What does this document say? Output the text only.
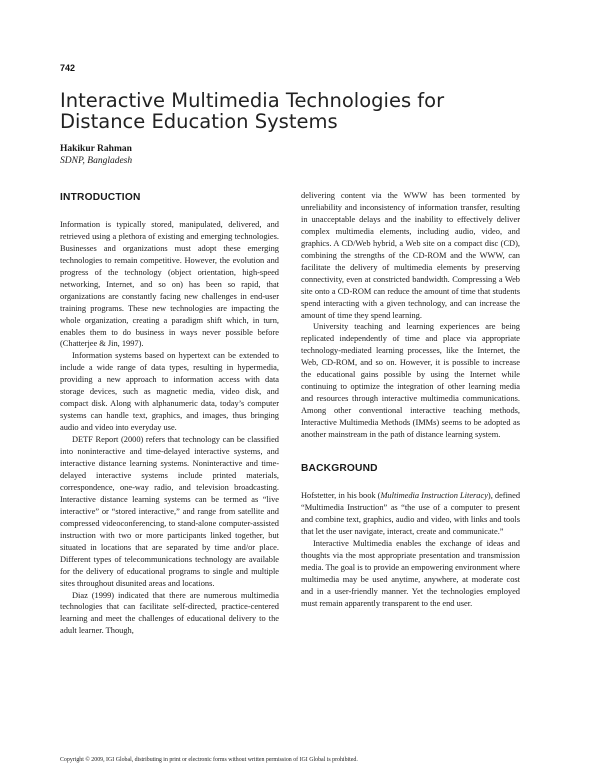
742
Interactive Multimedia Technologies for Distance Education Systems
Hakikur Rahman
SDNP, Bangladesh
INTRODUCTION

Information is typically stored, manipulated, delivered, and retrieved using a plethora of existing and emerging technologies. Businesses and organizations must adopt these emerging technologies to remain competitive. However, the evolution and progress of the technology (object orientation, high-speed networking, Internet, and so on) has been so rapid, that organizations are constantly facing new challenges in end-user training programs. These new technologies are impacting the whole organization, creating a paradigm shift which, in turn, enables them to do business in ways never possible before (Chatterjee & Jin, 1997).

Information systems based on hypertext can be extended to include a wide range of data types, resulting in hypermedia, providing a new approach to information access with data storage devices, such as magnetic media, video disk, and compact disk. Along with alphanumeric data, today’s computer systems can handle text, graphics, and images, thus bringing audio and video into everyday use.

DETF Report (2000) refers that technology can be classified into noninteractive and time-delayed interactive systems, and interactive distance learning systems. Noninteractive and time-delayed interactive systems include printed materials, correspondence, one-way radio, and television broadcasting. Interactive distance learning systems can be termed as “live interactive” or “stored interactive,” and range from satellite and compressed videoconferencing, to stand-alone computer-assisted instruction with two or more participants linked together, but situated in locations that are separated by time and/or place. Different types of telecommunications technology are available for the delivery of educational programs to single and multiple sites throughout disunited areas and locations.

Diaz (1999) indicated that there are numerous multimedia technologies that can facilitate self-directed, practice-centered learning and meet the challenges of educational delivery to the adult learner. Though,

delivering content via the WWW has been tormented by unreliability and inconsistency of information transfer, resulting in unacceptable delays and the inability to effectively deliver complex multimedia elements, including audio, video, and graphics. A CD/Web hybrid, a Web site on a compact disc (CD), combining the strengths of the CD-ROM and the WWW, can facilitate the delivery of multimedia elements by preserving connectivity, even at constricted bandwidth. Compressing a Web site onto a CD-ROM can reduce the amount of time that students spend interacting with a given technology, and can increase the amount of time they spend learning.

University teaching and learning experiences are being replicated independently of time and place via appropriate technology-mediated learning processes, like the Internet, the Web, CD-ROM, and so on. However, it is possible to increase the educational gains possible by using the Internet while continuing to optimize the integration of other learning media and resources through interactive multimedia communications. Among other conventional interactive teaching methods, Interactive Multimedia Methods (IMMs) seems to be adopted as another mainstream in the path of distance learning system.

BACKGROUND

Hofstetter, in his book (Multimedia Instruction Literacy), defined “Multimedia Instruction” as “the use of a computer to present and combine text, graphics, audio and video, with links and tools that let the user navigate, interact, create and communicate.”

Interactive Multimedia enables the exchange of ideas and thoughts via the most appropriate presentation and transmission media. The goal is to provide an empowering environment where multimedia may be used anytime, anywhere, at moderate cost and in a user-friendly manner. Yet the technologies employed must remain apparently transparent to the end user.

Copyright © 2009, IGI Global, distributing in print or electronic forms without written permission of IGI Global is prohibited.
